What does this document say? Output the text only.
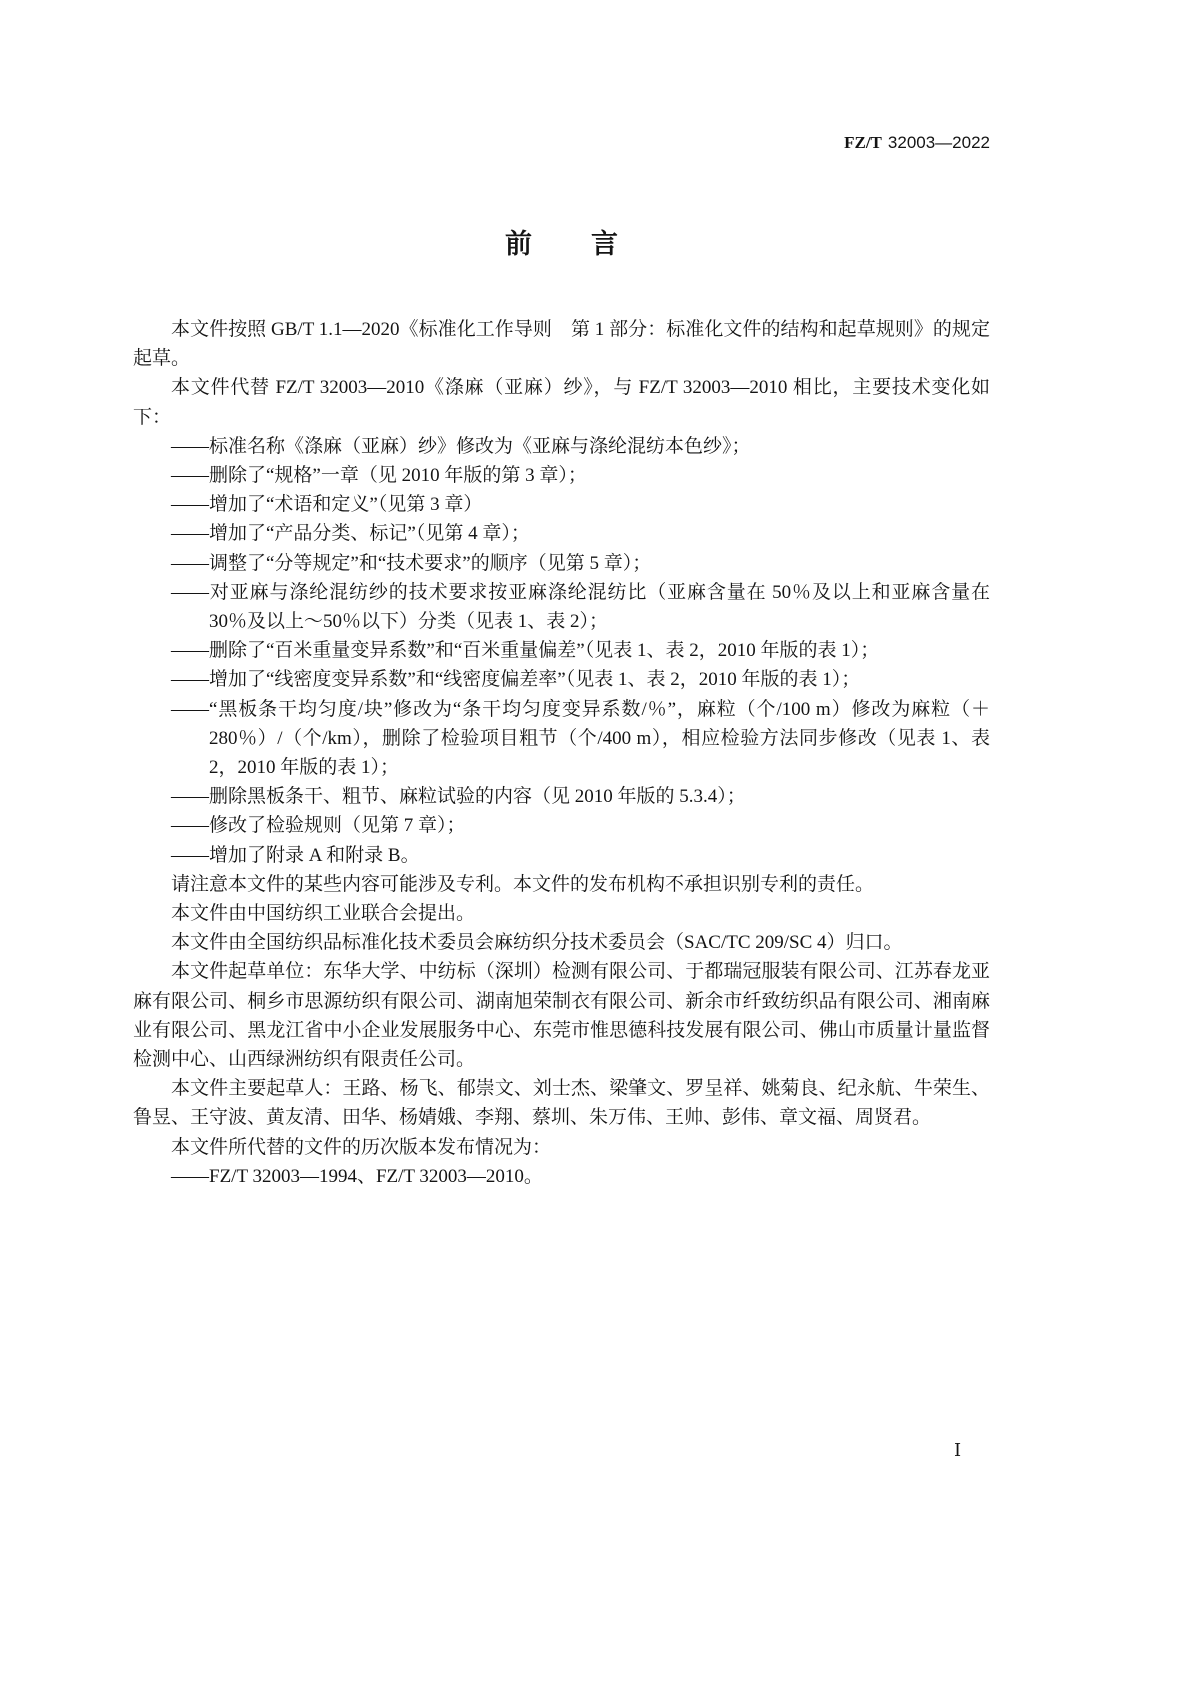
FZ/T 32003—2022
前　言

本文件按照 GB/T 1.1—2020《标准化工作导则　第 1 部分：标准化文件的结构和起草规则》的规定起草。

本文件代替 FZ/T 32003—2010《涤麻（亚麻）纱》，与 FZ/T 32003—2010 相比，主要技术变化如下：

——标准名称《涤麻（亚麻）纱》修改为《亚麻与涤纶混纺本色纱》；

——删除了“规格”一章（见 2010 年版的第 3 章）；

——增加了“术语和定义”（见第 3 章）

——增加了“产品分类、标记”（见第 4 章）；

——调整了“分等规定”和“技术要求”的顺序（见第 5 章）；

——对亚麻与涤纶混纺纱的技术要求按亚麻涤纶混纺比（亚麻含量在 50％及以上和亚麻含量在 30％及以上～50％以下）分类（见表 1、表 2）；

——删除了“百米重量变异系数”和“百米重量偏差”（见表 1、表 2，2010 年版的表 1）；

——增加了“线密度变异系数”和“线密度偏差率”（见表 1、表 2，2010 年版的表 1）；

——“黑板条干均匀度/块”修改为“条干均匀度变异系数/％”，麻粒（个/100 m）修改为麻粒（＋280％）/（个/km），删除了检验项目粗节（个/400 m），相应检验方法同步修改（见表 1、表 2，2010 年版的表 1）；

——删除黑板条干、粗节、麻粒试验的内容（见 2010 年版的 5.3.4）；

——修改了检验规则（见第 7 章）；

——增加了附录 A 和附录 B。

请注意本文件的某些内容可能涉及专利。本文件的发布机构不承担识别专利的责任。

本文件由中国纺织工业联合会提出。

本文件由全国纺织品标准化技术委员会麻纺织分技术委员会（SAC/TC 209/SC 4）归口。

本文件起草单位：东华大学、中纺标（深圳）检测有限公司、于都瑞冠服装有限公司、江苏春龙亚麻有限公司、桐乡市思源纺织有限公司、湖南旭荣制衣有限公司、新余市纤致纺织品有限公司、湘南麻业有限公司、黑龙江省中小企业发展服务中心、东莞市惟思德科技发展有限公司、佛山市质量计量监督检测中心、山西绿洲纺织有限责任公司。

本文件主要起草人：王路、杨飞、郁崇文、刘士杰、梁肇文、罗呈祥、姚菊良、纪永航、牛荣生、鲁昱、王守波、黄友清、田华、杨婧娥、李翔、蔡圳、朱万伟、王帅、彭伟、章文福、周贤君。

本文件所代替的文件的历次版本发布情况为：

——FZ/T 32003—1994、FZ/T 32003—2010。

Ⅰ
